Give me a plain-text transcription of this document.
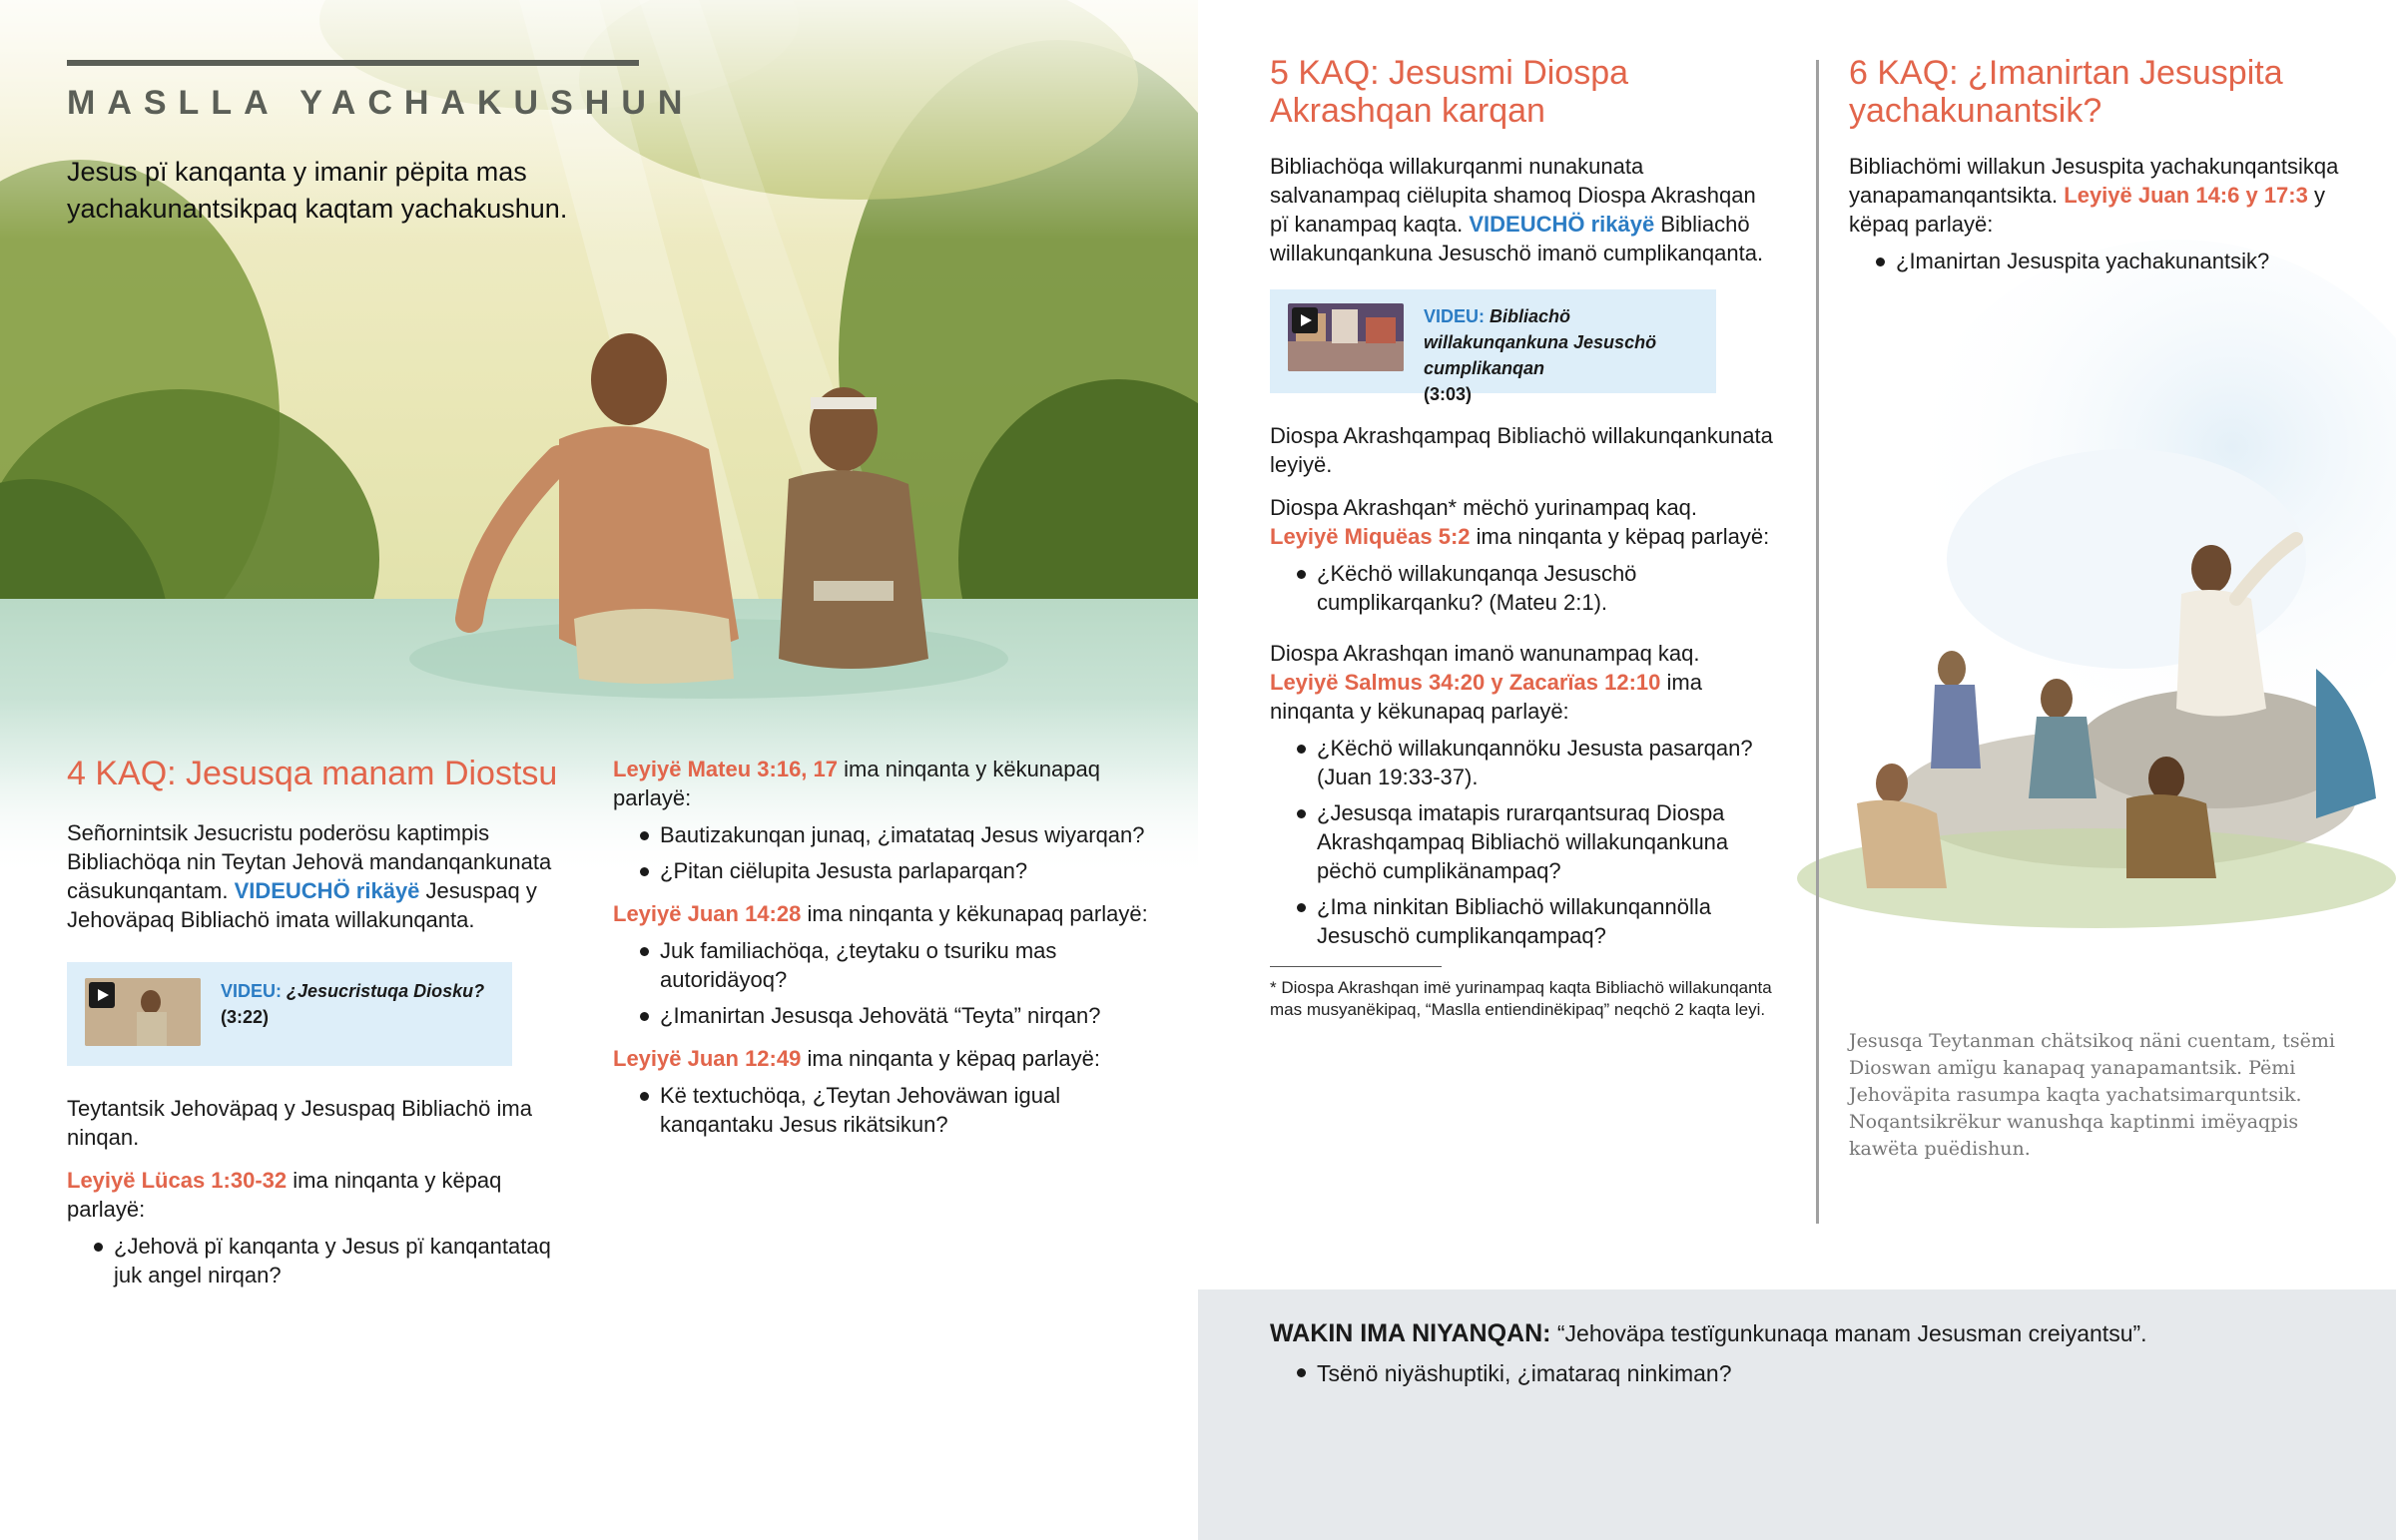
MASLLA YACHAKUSHUN
Jesus pï kanqanta y imanir pëpita mas yachakunantsikpaq kaqtam yachakushun.
4 KAQ: Jesusqa manam Diostsu

Señornintsik Jesucristu poderösu kaptimpis Bibliachöqa nin Teytan Jehovä mandanqankunata cäsukunqantam. VIDEUCHÖ rikäyë Jesuspaq y Jehoväpaq Bibliachö imata willakunqanta.

VIDEU: ¿Jesucristuqa Diosku?
(3:22)

Teytantsik Jehoväpaq y Jesuspaq Bibliachö ima ninqan.

Leyiyë Lücas 1:30-32 ima ninqanta y këpaq parlayë:

¿Jehovä pï kanqanta y Jesus pï kanqantataq juk angel nirqan?

Leyiyë Mateu 3:16, 17 ima ninqanta y këkunapaq parlayë:

Bautizakunqan junaq, ¿imatataq Jesus wiyarqan?
¿Pitan ciëlupita Jesusta parlaparqan?

Leyiyë Juan 14:28 ima ninqanta y këkunapaq parlayë:

Juk familiachöqa, ¿teytaku o tsuriku mas autoridäyoq?
¿Imanirtan Jesusqa Jehovätä “Teyta” nirqan?

Leyiyë Juan 12:49 ima ninqanta y këpaq parlayë:

Kë textuchöqa, ¿Teytan Jehoväwan igual kanqantaku Jesus rikätsikun?
5 KAQ: Jesusmi Diospa Akrashqan karqan

Bibliachöqa willakurqanmi nunakunata salvanampaq ciëlupita shamoq Diospa Akrashqan pï kanampaq kaqta. VIDEUCHÖ rikäyë Bibliachö willakunqankuna Jesuschö imanö cumplikanqanta.

VIDEU: Bibliachö willakunqankuna Jesuschö cumplikanqan
(3:03)

Diospa Akrashqampaq Bibliachö willakunqankunata leyiyë.

Diospa Akrashqan* mëchö yurinampaq kaq.
Leyiyë Miquëas 5:2 ima ninqanta y këpaq parlayë:

¿Këchö willakunqanqa Jesuschö cumplikarqanku? (Mateu 2:1).

Diospa Akrashqan imanö wanunampaq kaq.
Leyiyë Salmus 34:20 y Zacarïas 12:10 ima ninqanta y këkunapaq parlayë:

¿Këchö willakunqannöku Jesusta pasarqan? (Juan 19:33-37).
¿Jesusqa imatapis rurarqantsuraq Diospa Akrashqampaq Bibliachö willakunqankuna pëchö cumplikänampaq?
¿Ima ninkitan Bibliachö willakunqannölla Jesuschö cumplikanqampaq?

* Diospa Akrashqan imë yurinampaq kaqta Bibliachö willakunqanta mas musyanëkipaq, “Maslla entiendinëkipaq” neqchö 2 kaqta leyi.

6 KAQ: ¿Imanirtan Jesuspita yachakunantsik?

Bibliachömi willakun Jesuspita yachakunqantsikqa yanapamanqantsikta. Leyiyë Juan 14:6 y 17:3 y këpaq parlayë:

¿Imanirtan Jesuspita yachakunantsik?

Jesusqa Teytanman chätsikoq näni cuentam, tsëmi Dioswan amïgu kanapaq yanapamantsik. Pëmi Jehoväpita rasumpa kaqta yachatsimarquntsik. Noqantsikrëkur wanushqa kaptinmi imëyaqpis kawëta puëdishun.

WAKIN IMA NIYANQAN: “Jehoväpa testïgunkunaqa manam Jesusman creiyantsu”.

Tsënö niyäshuptiki, ¿imataraq ninkiman?
